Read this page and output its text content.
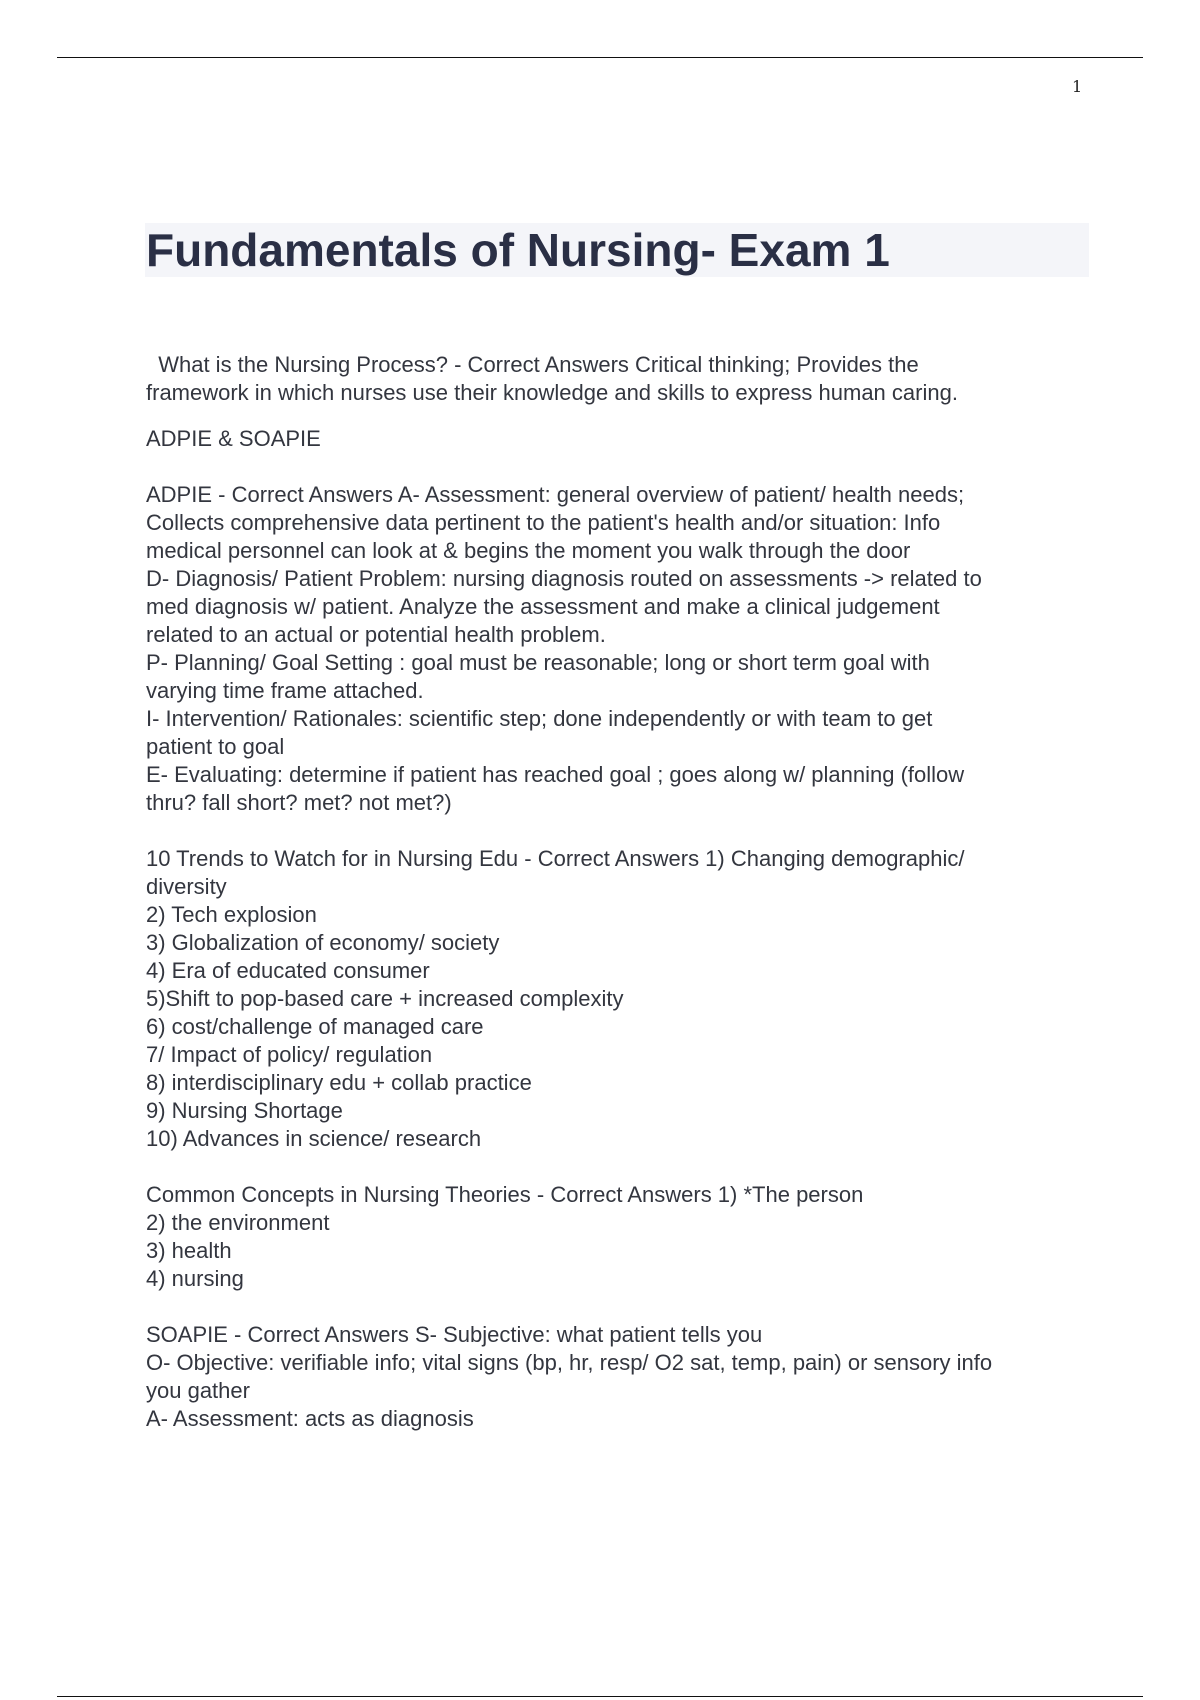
1
Fundamentals of Nursing- Exam 1

What is the Nursing Process? - Correct Answers Critical thinking; Provides the
framework in which nurses use their knowledge and skills to express human caring.

ADPIE & SOAPIE

ADPIE - Correct Answers A- Assessment: general overview of patient/ health needs;
Collects comprehensive data pertinent to the patient's health and/or situation: Info
medical personnel can look at & begins the moment you walk through the door
D- Diagnosis/ Patient Problem: nursing diagnosis routed on assessments -> related to
med diagnosis w/ patient. Analyze the assessment and make a clinical judgement
related to an actual or potential health problem.
P- Planning/ Goal Setting : goal must be reasonable; long or short term goal with
varying time frame attached.
I- Intervention/ Rationales: scientific step; done independently or with team to get
patient to goal
E- Evaluating: determine if patient has reached goal ; goes along w/ planning (follow
thru? fall short? met? not met?)

10 Trends to Watch for in Nursing Edu - Correct Answers 1) Changing demographic/
diversity
2) Tech explosion
3) Globalization of economy/ society
4) Era of educated consumer
5)Shift to pop-based care + increased complexity
6) cost/challenge of managed care
7/ Impact of policy/ regulation
8) interdisciplinary edu + collab practice
9) Nursing Shortage
10) Advances in science/ research

Common Concepts in Nursing Theories - Correct Answers 1) *The person
2) the environment
3) health
4) nursing

SOAPIE - Correct Answers S- Subjective: what patient tells you
O- Objective: verifiable info; vital signs (bp, hr, resp/ O2 sat, temp, pain) or sensory info
you gather
A- Assessment: acts as diagnosis
